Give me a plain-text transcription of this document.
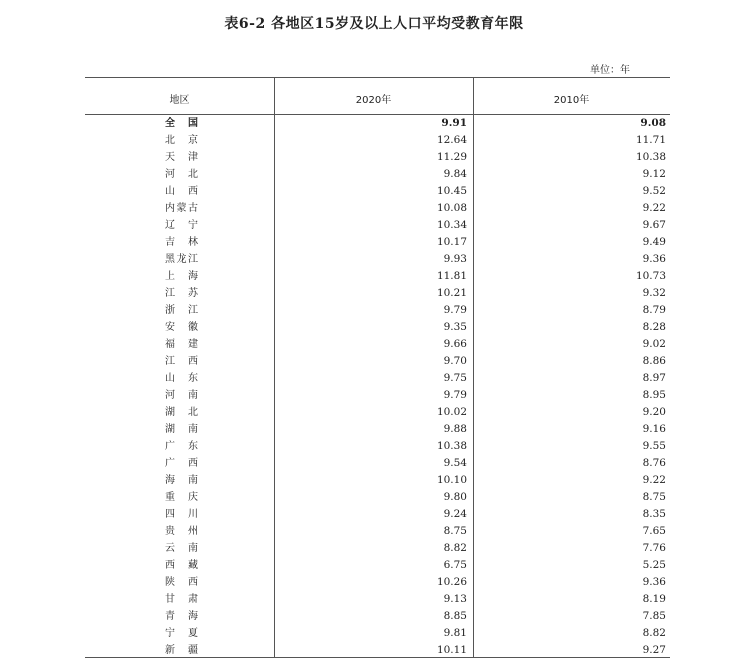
表6-2 各地区15岁及以上人口平均受教育年限
单位：年
地区	2020年	2010年
全国	9.91	9.08
北京	12.64	11.71
天津	11.29	10.38
河北	9.84	9.12
山西	10.45	9.52
内蒙古	10.08	9.22
辽宁	10.34	9.67
吉林	10.17	9.49
黑龙江	9.93	9.36
上海	11.81	10.73
江苏	10.21	9.32
浙江	9.79	8.79
安徽	9.35	8.28
福建	9.66	9.02
江西	9.70	8.86
山东	9.75	8.97
河南	9.79	8.95
湖北	10.02	9.20
湖南	9.88	9.16
广东	10.38	9.55
广西	9.54	8.76
海南	10.10	9.22
重庆	9.80	8.75
四川	9.24	8.35
贵州	8.75	7.65
云南	8.82	7.76
西藏	6.75	5.25
陕西	10.26	9.36
甘肃	9.13	8.19
青海	8.85	7.85
宁夏	9.81	8.82
新疆	10.11	9.27
